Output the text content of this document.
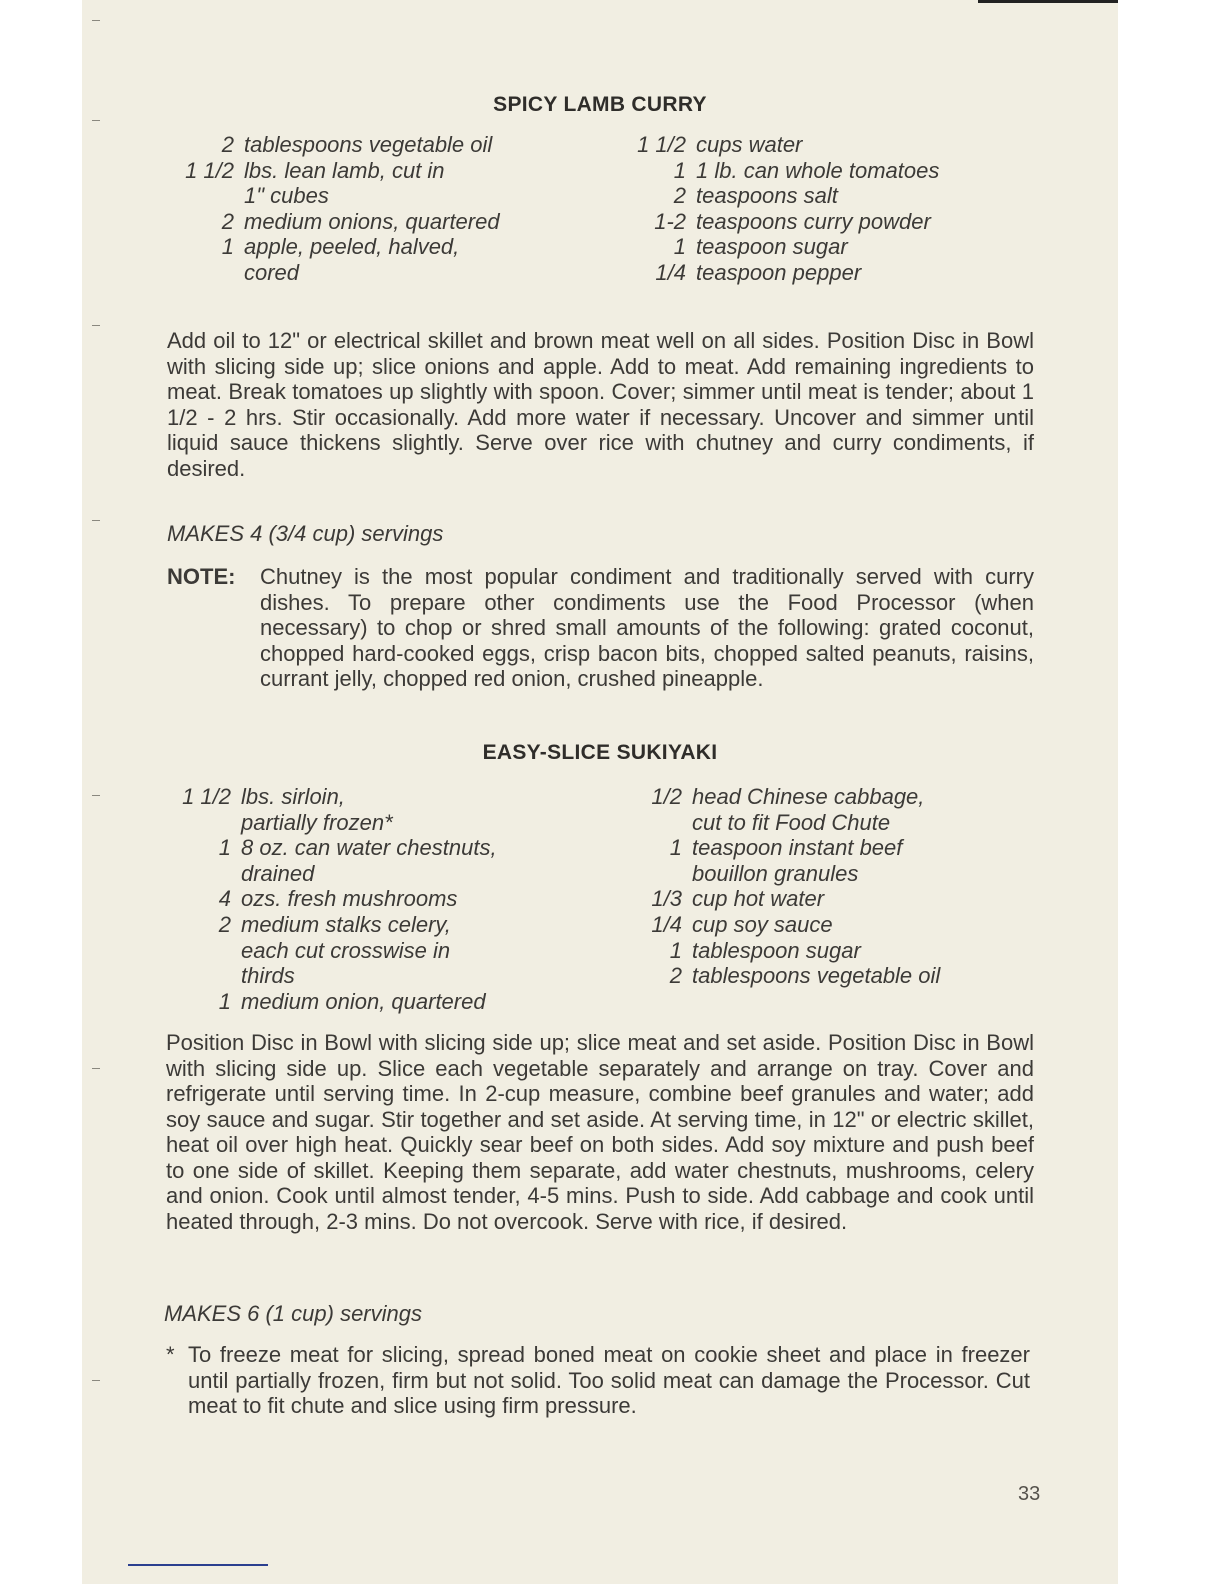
SPICY LAMB CURRY
2 tablespoons vegetable oil
1 1/2 lbs. lean lamb, cut in
1" cubes
2 medium onions, quartered
1 apple, peeled, halved,
cored
1 1/2 cups water
1 1 lb. can whole tomatoes
2 teaspoons salt
1-2 teaspoons curry powder
1 teaspoon sugar
1/4 teaspoon pepper
Add oil to 12" or electrical skillet and brown meat well on all sides. Position Disc in Bowl with slicing side up; slice onions and apple. Add to meat. Add remaining ingredients to meat. Break tomatoes up slightly with spoon. Cover; simmer until meat is tender; about 1 1/2 - 2 hrs. Stir occasionally. Add more water if necessary. Uncover and simmer until liquid sauce thickens slightly. Serve over rice with chutney and curry condiments, if desired.
MAKES 4 (3/4 cup) servings
NOTE: Chutney is the most popular condiment and traditionally served with curry dishes. To prepare other condiments use the Food Processor (when necessary) to chop or shred small amounts of the following: grated coconut, chopped hard-cooked eggs, crisp bacon bits, chopped salted peanuts, raisins, currant jelly, chopped red onion, crushed pineapple.
EASY-SLICE SUKIYAKI
1 1/2 lbs. sirloin,
partially frozen*
1 8 oz. can water chestnuts,
drained
4 ozs. fresh mushrooms
2 medium stalks celery,
each cut crosswise in
thirds
1 medium onion, quartered
1/2 head Chinese cabbage,
cut to fit Food Chute
1 teaspoon instant beef
bouillon granules
1/3 cup hot water
1/4 cup soy sauce
1 tablespoon sugar
2 tablespoons vegetable oil
Position Disc in Bowl with slicing side up; slice meat and set aside. Position Disc in Bowl with slicing side up. Slice each vegetable separately and arrange on tray. Cover and refrigerate until serving time. In 2-cup measure, combine beef granules and water; add soy sauce and sugar. Stir together and set aside. At serving time, in 12" or electric skillet, heat oil over high heat. Quickly sear beef on both sides. Add soy mixture and push beef to one side of skillet. Keeping them separate, add water chestnuts, mushrooms, celery and onion. Cook until almost tender, 4-5 mins. Push to side. Add cabbage and cook until heated through, 2-3 mins. Do not overcook. Serve with rice, if desired.
MAKES 6 (1 cup) servings
* To freeze meat for slicing, spread boned meat on cookie sheet and place in freezer until partially frozen, firm but not solid. Too solid meat can damage the Processor. Cut meat to fit chute and slice using firm pressure.
33
